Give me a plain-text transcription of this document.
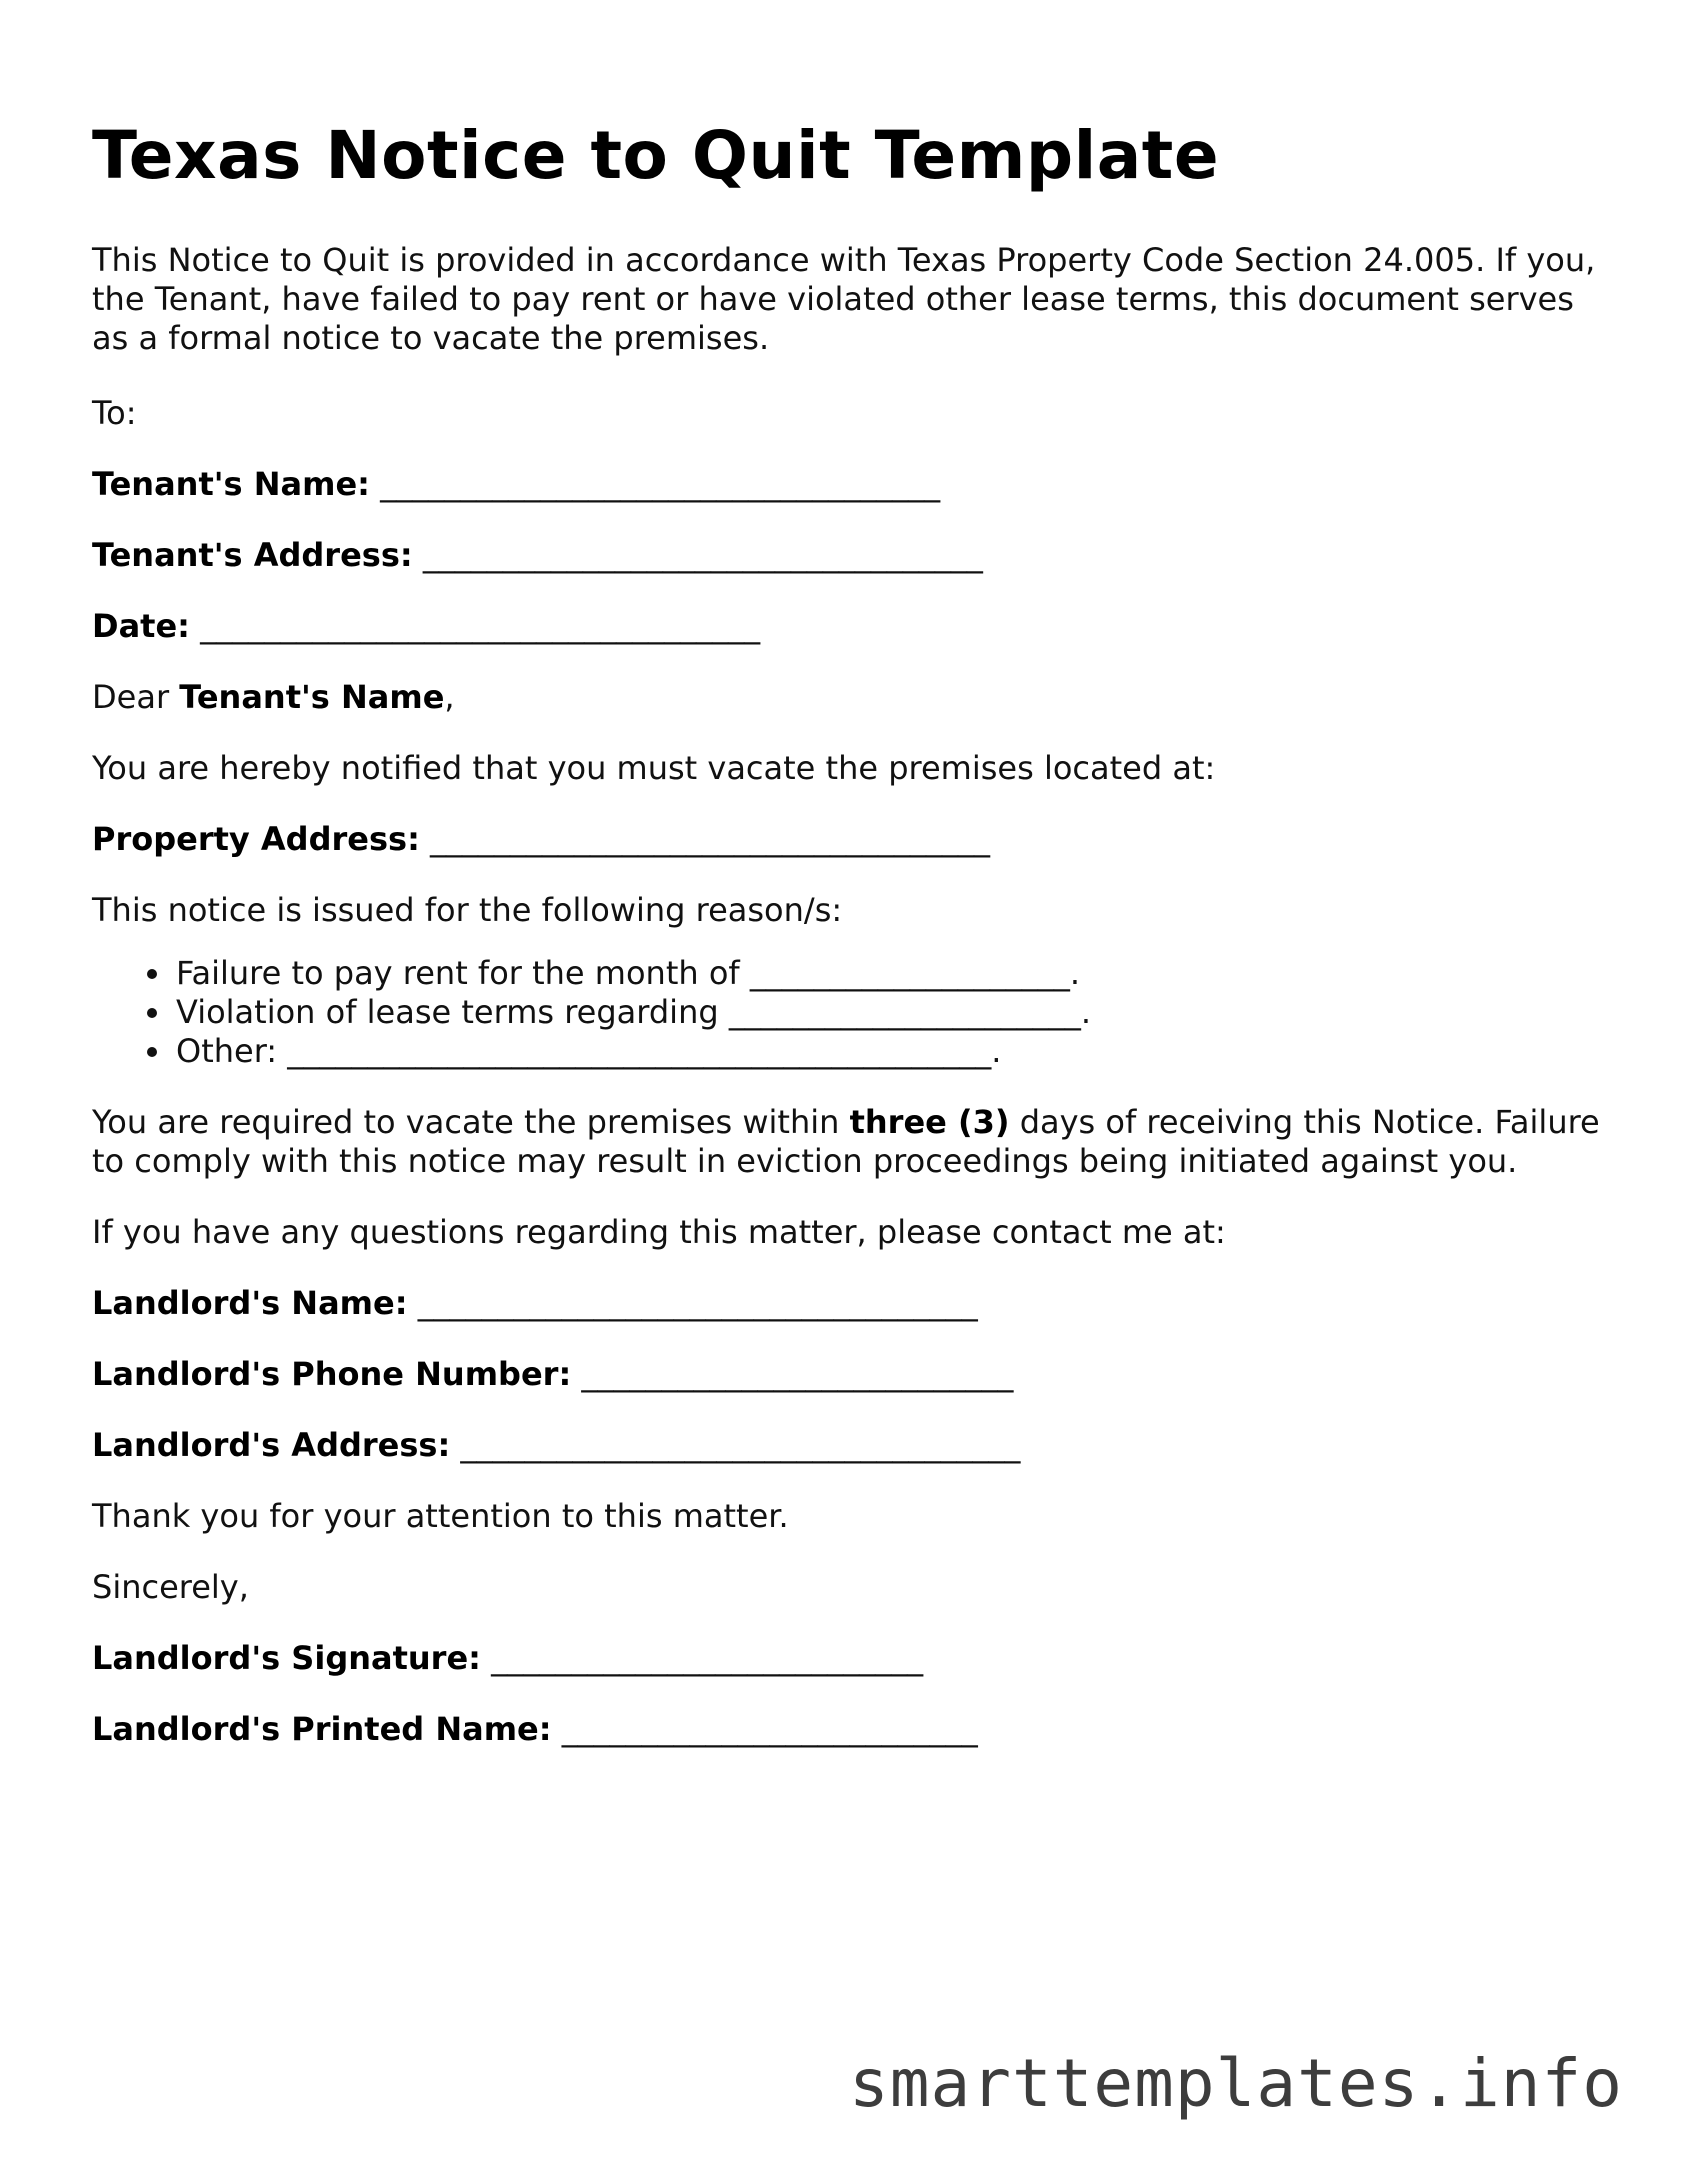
Texas Notice to Quit Template

This Notice to Quit is provided in accordance with Texas Property Code Section 24.005. If you, the Tenant, have failed to pay rent or have violated other lease terms, this document serves as a formal notice to vacate the premises.

To:

Tenant's Name: ___________________________________

Tenant's Address: ___________________________________

Date: ___________________________________

Dear Tenant's Name,

You are hereby notified that you must vacate the premises located at:

Property Address: ___________________________________

This notice is issued for the following reason/s:

• Failure to pay rent for the month of ____________________.
• Violation of lease terms regarding ______________________.
• Other: ____________________________________________.

You are required to vacate the premises within three (3) days of receiving this Notice. Failure to comply with this notice may result in eviction proceedings being initiated against you.

If you have any questions regarding this matter, please contact me at:

Landlord's Name: ___________________________________

Landlord's Phone Number: ___________________________

Landlord's Address: ___________________________________

Thank you for your attention to this matter.

Sincerely,

Landlord's Signature: ___________________________

Landlord's Printed Name: __________________________

smarttemplates.info
